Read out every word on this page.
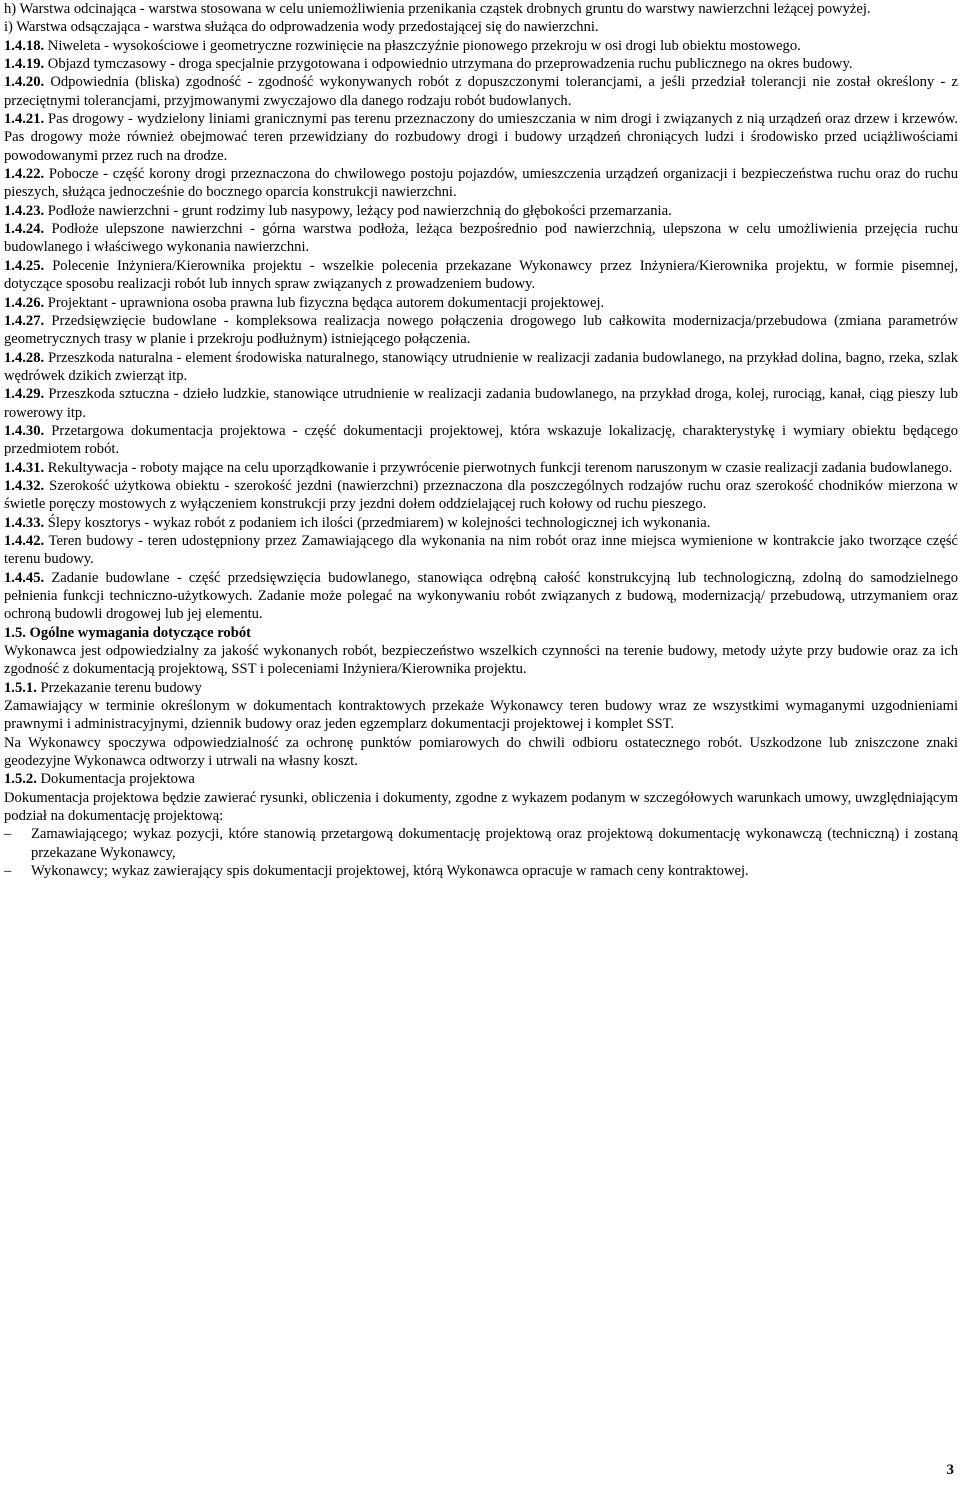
h) Warstwa odcinająca - warstwa stosowana w celu uniemożliwienia przenikania cząstek drobnych gruntu do warstwy nawierzchni leżącej powyżej.

i) Warstwa odsączająca - warstwa służąca do odprowadzenia wody przedostającej się do nawierzchni.

1.4.18. Niweleta - wysokościowe i geometryczne rozwinięcie na płaszczyźnie pionowego przekroju w osi drogi lub obiektu mostowego.

1.4.19. Objazd tymczasowy - droga specjalnie przygotowana i odpowiednio utrzymana do przeprowadzenia ruchu publicznego na okres budowy.

1.4.20. Odpowiednia (bliska) zgodność - zgodność wykonywanych robót z dopuszczonymi tolerancjami, a jeśli przedział tolerancji nie został określony - z przeciętnymi tolerancjami, przyjmowanymi zwyczajowo dla danego rodzaju robót budowlanych.

1.4.21. Pas drogowy - wydzielony liniami granicznymi pas terenu przeznaczony do umieszczania w nim drogi i związanych z nią urządzeń oraz drzew i krzewów. Pas drogowy może również obejmować teren przewidziany do rozbudowy drogi i budowy urządzeń chroniących ludzi i środowisko przed uciążliwościami powodowanymi przez ruch na drodze.

1.4.22. Pobocze - część korony drogi przeznaczona do chwilowego postoju pojazdów, umieszczenia urządzeń organizacji i bezpieczeństwa ruchu oraz do ruchu pieszych, służąca jednocześnie do bocznego oparcia konstrukcji nawierzchni.

1.4.23. Podłoże nawierzchni - grunt rodzimy lub nasypowy, leżący pod nawierzchnią do głębokości przemarzania.

1.4.24. Podłoże ulepszone nawierzchni - górna warstwa podłoża, leżąca bezpośrednio pod nawierzchnią, ulepszona w celu umożliwienia przejęcia ruchu budowlanego i właściwego wykonania nawierzchni.

1.4.25. Polecenie Inżyniera/Kierownika projektu - wszelkie polecenia przekazane Wykonawcy przez Inżyniera/Kierownika projektu, w formie pisemnej, dotyczące sposobu realizacji robót lub innych spraw związanych z prowadzeniem budowy.

1.4.26. Projektant - uprawniona osoba prawna lub fizyczna będąca autorem dokumentacji projektowej.

1.4.27. Przedsięwzięcie budowlane - kompleksowa realizacja nowego połączenia drogowego lub całkowita modernizacja/przebudowa (zmiana parametrów geometrycznych trasy w planie i przekroju podłużnym) istniejącego połączenia.

1.4.28. Przeszkoda naturalna - element środowiska naturalnego, stanowiący utrudnienie w realizacji zadania budowlanego, na przykład dolina, bagno, rzeka, szlak wędrówek dzikich zwierząt itp.

1.4.29. Przeszkoda sztuczna - dzieło ludzkie, stanowiące utrudnienie w realizacji zadania budowlanego, na przykład droga, kolej, rurociąg, kanał, ciąg pieszy lub rowerowy itp.

1.4.30. Przetargowa dokumentacja projektowa - część dokumentacji projektowej, która wskazuje lokalizację, charakterystykę i wymiary obiektu będącego przedmiotem robót.

1.4.31. Rekultywacja - roboty mające na celu uporządkowanie i przywrócenie pierwotnych funkcji terenom naruszonym w czasie realizacji zadania budowlanego.

1.4.32. Szerokość użytkowa obiektu - szerokość jezdni (nawierzchni) przeznaczona dla poszczególnych rodzajów ruchu oraz szerokość chodników mierzona w świetle poręczy mostowych z wyłączeniem konstrukcji przy jezdni dołem oddzielającej ruch kołowy od ruchu pieszego.

1.4.33. Ślepy kosztorys - wykaz robót z podaniem ich ilości (przedmiarem) w kolejności technologicznej ich wykonania.

1.4.42. Teren budowy - teren udostępniony przez Zamawiającego dla wykonania na nim robót oraz inne miejsca wymienione w kontrakcie jako tworzące część terenu budowy.

1.4.45. Zadanie budowlane - część przedsięwzięcia budowlanego, stanowiąca odrębną całość konstrukcyjną lub technologiczną, zdolną do samodzielnego pełnienia funkcji techniczno-użytkowych. Zadanie może polegać na wykonywaniu robót związanych z budową, modernizacją/ przebudową, utrzymaniem oraz ochroną budowli drogowej lub jej elementu.

1.5. Ogólne wymagania dotyczące robót

Wykonawca jest odpowiedzialny za jakość wykonanych robót, bezpieczeństwo wszelkich czynności na terenie budowy, metody użyte przy budowie oraz za ich zgodność z dokumentacją projektową, SST i poleceniami Inżyniera/Kierownika projektu.

1.5.1. Przekazanie terenu budowy

Zamawiający w terminie określonym w dokumentach kontraktowych przekaże Wykonawcy teren budowy wraz ze wszystkimi wymaganymi uzgodnieniami prawnymi i administracyjnymi, dziennik budowy oraz jeden egzemplarz dokumentacji projektowej i komplet SST.

Na Wykonawcy spoczywa odpowiedzialność za ochronę punktów pomiarowych do chwili odbioru ostatecznego robót. Uszkodzone lub zniszczone znaki geodezyjne Wykonawca odtworzy i utrwali na własny koszt.

1.5.2. Dokumentacja projektowa

Dokumentacja projektowa będzie zawierać rysunki, obliczenia i dokumenty, zgodne z wykazem podanym w szczegółowych warunkach umowy, uwzględniającym podział na dokumentację projektową:

– Zamawiającego; wykaz pozycji, które stanowią przetargową dokumentację projektową oraz projektową dokumentację wykonawczą (techniczną) i zostaną przekazane Wykonawcy,

– Wykonawcy; wykaz zawierający spis dokumentacji projektowej, którą Wykonawca opracuje w ramach ceny kontraktowej.

3
